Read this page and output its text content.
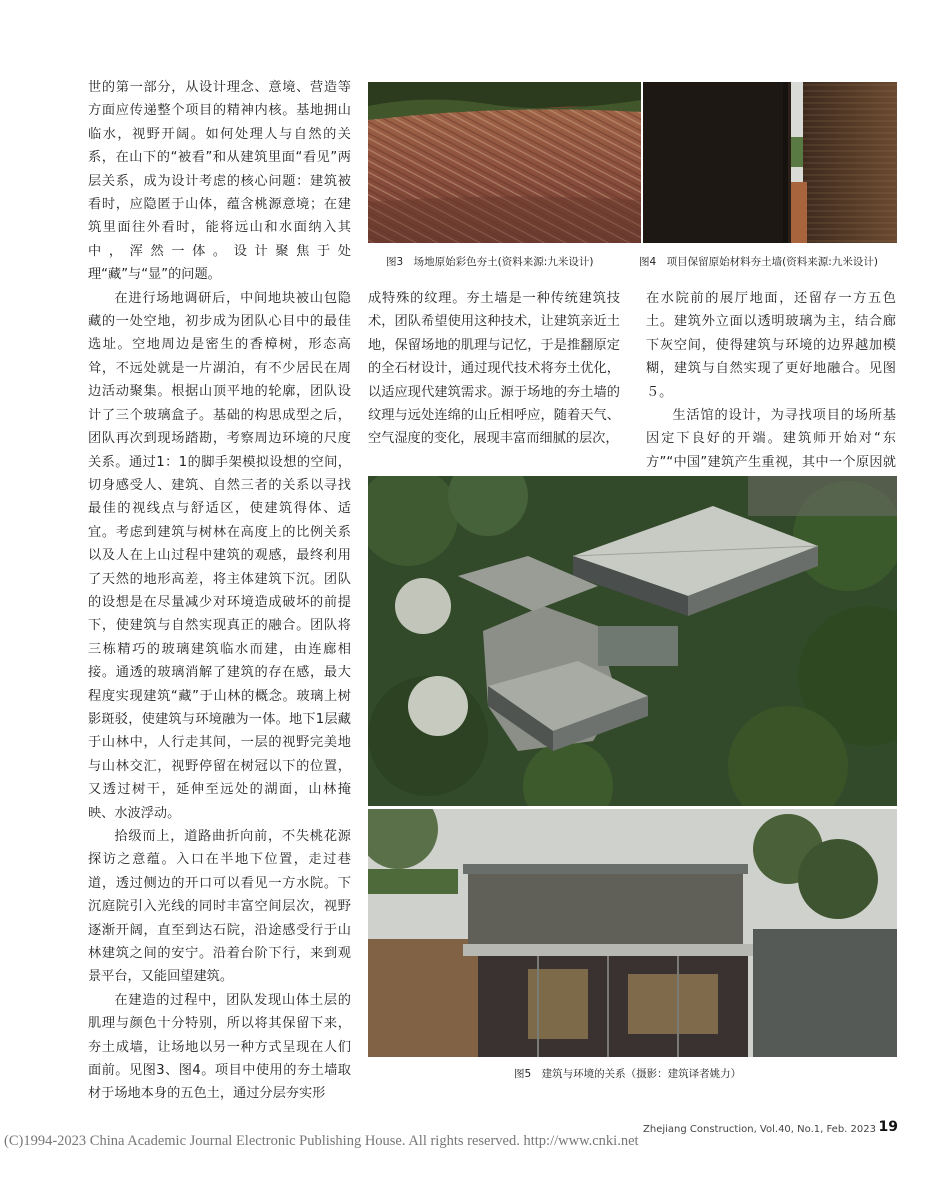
世的第一部分，从设计理念、意境、营造等方面应传递整个项目的精神内核。基地拥山临水，视野开阔。如何处理人与自然的关系，在山下的“被看”和从建筑里面“看见”两层关系，成为设计考虑的核心问题：建筑被看时，应隐匿于山体，蕴含桃源意境；在建筑里面往外看时，能将远山和水面纳入其中，浑然一体。设计聚焦于处理“藏”与“显”的问题。

在进行场地调研后，中间地块被山包隐藏的一处空地，初步成为团队心目中的最佳选址。空地周边是密生的香樟树，形态高耸，不远处就是一片湖泊，有不少居民在周边活动聚集。根据山顶平地的轮廓，团队设计了三个玻璃盒子。基础的构思成型之后，团队再次到现场踏勘，考察周边环境的尺度关系。通过1：1的脚手架模拟设想的空间，切身感受人、建筑、自然三者的关系以寻找最佳的视线点与舒适区，使建筑得体、适宜。考虑到建筑与树林在高度上的比例关系以及人在上山过程中建筑的观感，最终利用了天然的地形高差，将主体建筑下沉。团队的设想是在尽量减少对环境造成破坏的前提下，使建筑与自然实现真正的融合。团队将三栋精巧的玻璃建筑临水而建，由连廊相接。通透的玻璃消解了建筑的存在感，最大程度实现建筑“藏”于山林的概念。玻璃上树影斑驳，使建筑与环境融为一体。地下1层藏于山林中，人行走其间，一层的视野完美地与山林交汇，视野停留在树冠以下的位置，又透过树干，延伸至远处的湖面，山林掩映、水波浮动。

拾级而上，道路曲折向前，不失桃花源探访之意蕴。入口在半地下位置，走过巷道，透过侧边的开口可以看见一方水院。下沉庭院引入光线的同时丰富空间层次，视野逐渐开阔，直至到达石院，沿途感受行于山林建筑之间的安宁。沿着台阶下行，来到观景平台，又能回望建筑。

在建造的过程中，团队发现山体土层的肌理与颜色十分特别，所以将其保留下来，夯土成墙，让场地以另一种方式呈现在人们面前。见图3、图4。项目中使用的夯土墙取材于场地本身的五色土，通过分层夯实形

图3　场地原始彩色夯土(资料来源:九米设计)	图4　项目保留原始材料夯土墙(资料来源:九米设计)

成特殊的纹理。夯土墙是一种传统建筑技术，团队希望使用这种技术，让建筑亲近土地，保留场地的肌理与记忆，于是推翻原定的全石材设计，通过现代技术将夯土优化，以适应现代建筑需求。源于场地的夯土墙的纹理与远处连绵的山丘相呼应，随着天气、空气湿度的变化，展现丰富而细腻的层次，

在水院前的展厅地面，还留存一方五色土。建筑外立面以透明玻璃为主，结合廊下灰空间，使得建筑与环境的边界越加模糊，建筑与自然实现了更好地融合。见图５。

生活馆的设计，为寻找项目的场所基因定下良好的开端。建筑师开始对“东方”“中国”建筑产生重视，其中一个原因就

图5　建筑与环境的关系（摄影：建筑译者姚力）
Zhejiang Construction, Vol.40, No.1, Feb. 2023 19
(C)1994-2023 China Academic Journal Electronic Publishing House. All rights reserved. http://www.cnki.net
